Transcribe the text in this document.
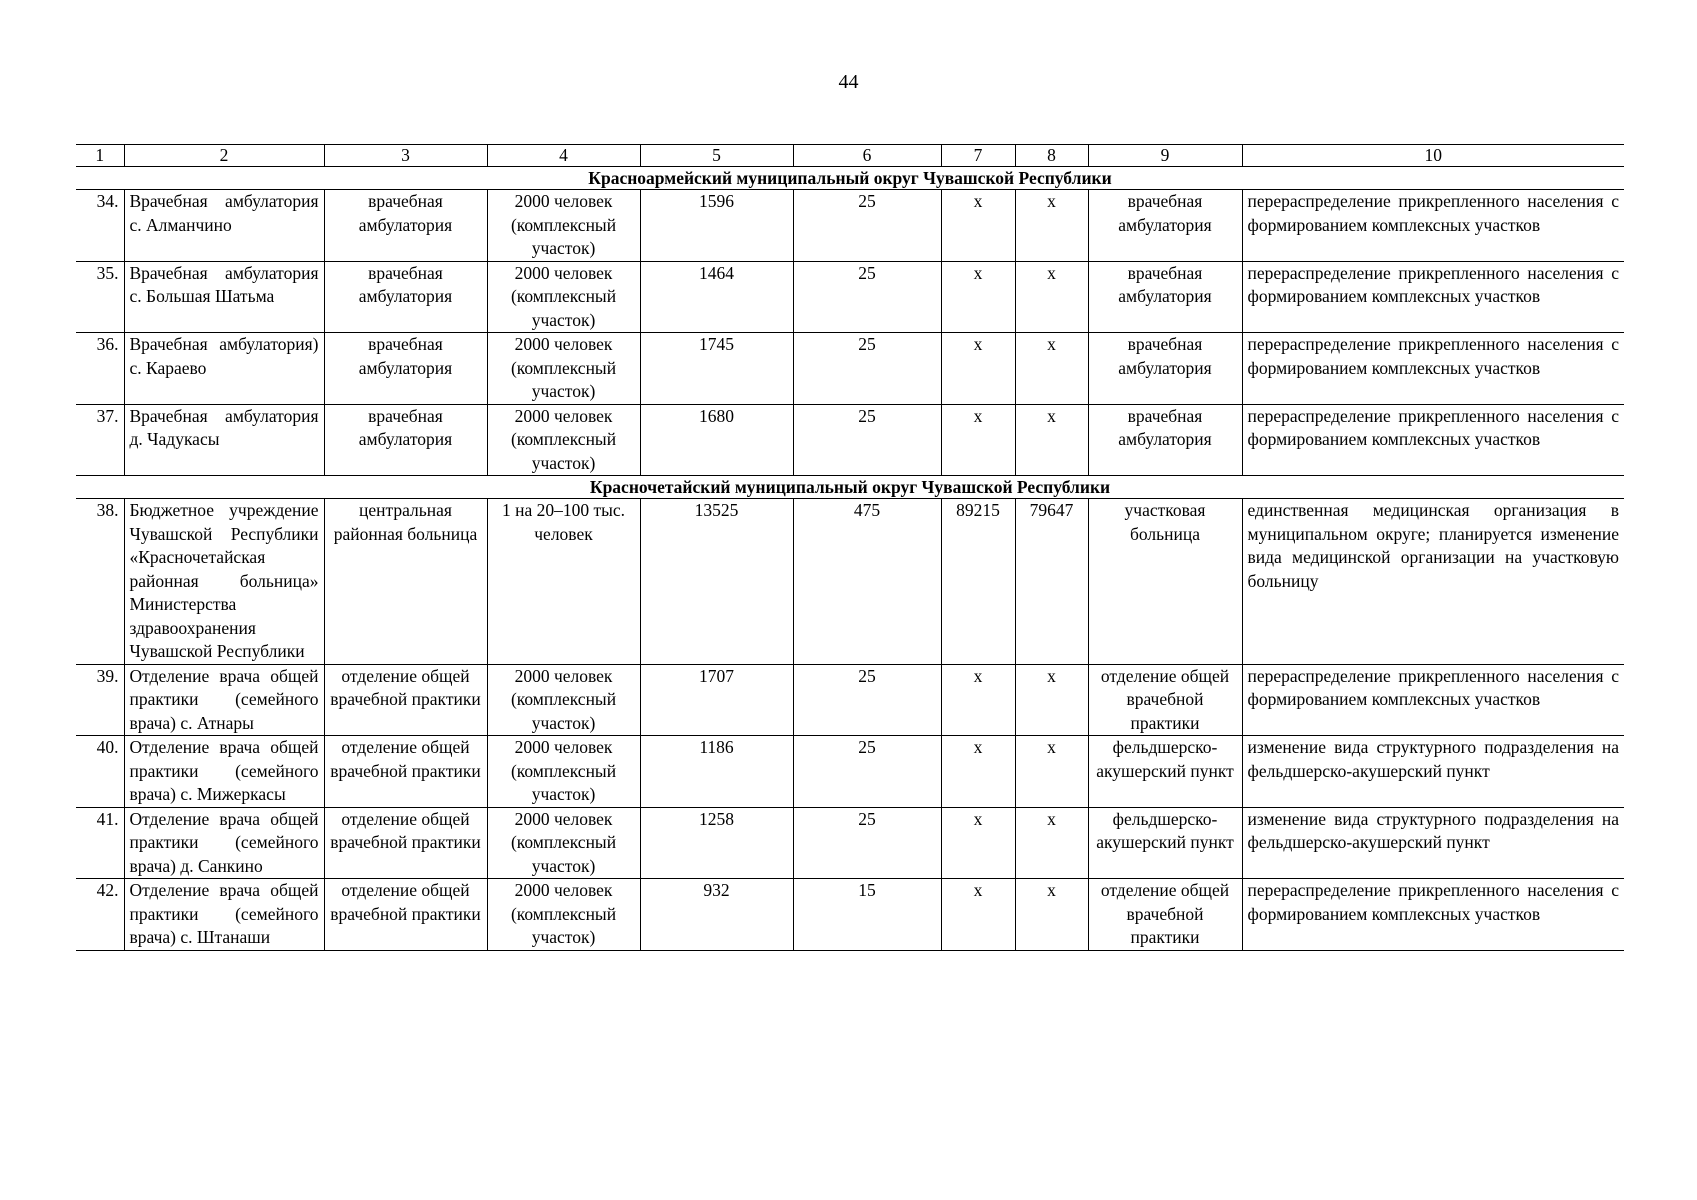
44
1	2	3	4	5	6	7	8	9	10
Красноармейский муниципальный округ Чувашской Республики									
34.	Врачебная амбулатория с. Алманчино	врачебная амбулатория	2000 человек (комплексный участок)	1596	25	х	х	врачебная амбулатория	перераспределение прикрепленного населения с формированием комплексных участков
35.	Врачебная амбулатория с. Большая Шатьма	врачебная амбулатория	2000 человек (комплексный участок)	1464	25	х	х	врачебная амбулатория	перераспределение прикрепленного населения с формированием комплексных участков
36.	Врачебная амбулатория) с. Караево	врачебная амбулатория	2000 человек (комплексный участок)	1745	25	х	х	врачебная амбулатория	перераспределение прикрепленного населения с формированием комплексных участков
37.	Врачебная амбулатория д. Чадукасы	врачебная амбулатория	2000 человек (комплексный участок)	1680	25	х	х	врачебная амбулатория	перераспределение прикрепленного населения с формированием комплексных участков
Красночетайский муниципальный округ Чувашской Республики									
38.	Бюджетное учреждение Чувашской Республики «Красночетайская районная больница» Министерства здравоохранения Чувашской Республики	центральная районная больница	1 на 20–100 тыс. человек	13525	475	89215	79647	участковая больница	единственная медицинская организация в муниципальном округе; планируется изменение вида медицинской организации на участковую больницу
39.	Отделение врача общей практики (семейного врача) с. Атнары	отделение общей врачебной практики	2000 человек (комплексный участок)	1707	25	х	х	отделение общей врачебной практики	перераспределение прикрепленного населения с формированием комплексных участков
40.	Отделение врача общей практики (семейного врача) с. Мижеркасы	отделение общей врачебной практики	2000 человек (комплексный участок)	1186	25	х	х	фельдшерско-акушерский пункт	изменение вида структурного подразделения на фельдшерско-акушерский пункт
41.	Отделение врача общей практики (семейного врача) д. Санкино	отделение общей врачебной практики	2000 человек (комплексный участок)	1258	25	х	х	фельдшерско-акушерский пункт	изменение вида структурного подразделения на фельдшерско-акушерский пункт
42.	Отделение врача общей практики (семейного врача) с. Штанаши	отделение общей врачебной практики	2000 человек (комплексный участок)	932	15	х	х	отделение общей врачебной практики	перераспределение прикрепленного населения с формированием комплексных участков
